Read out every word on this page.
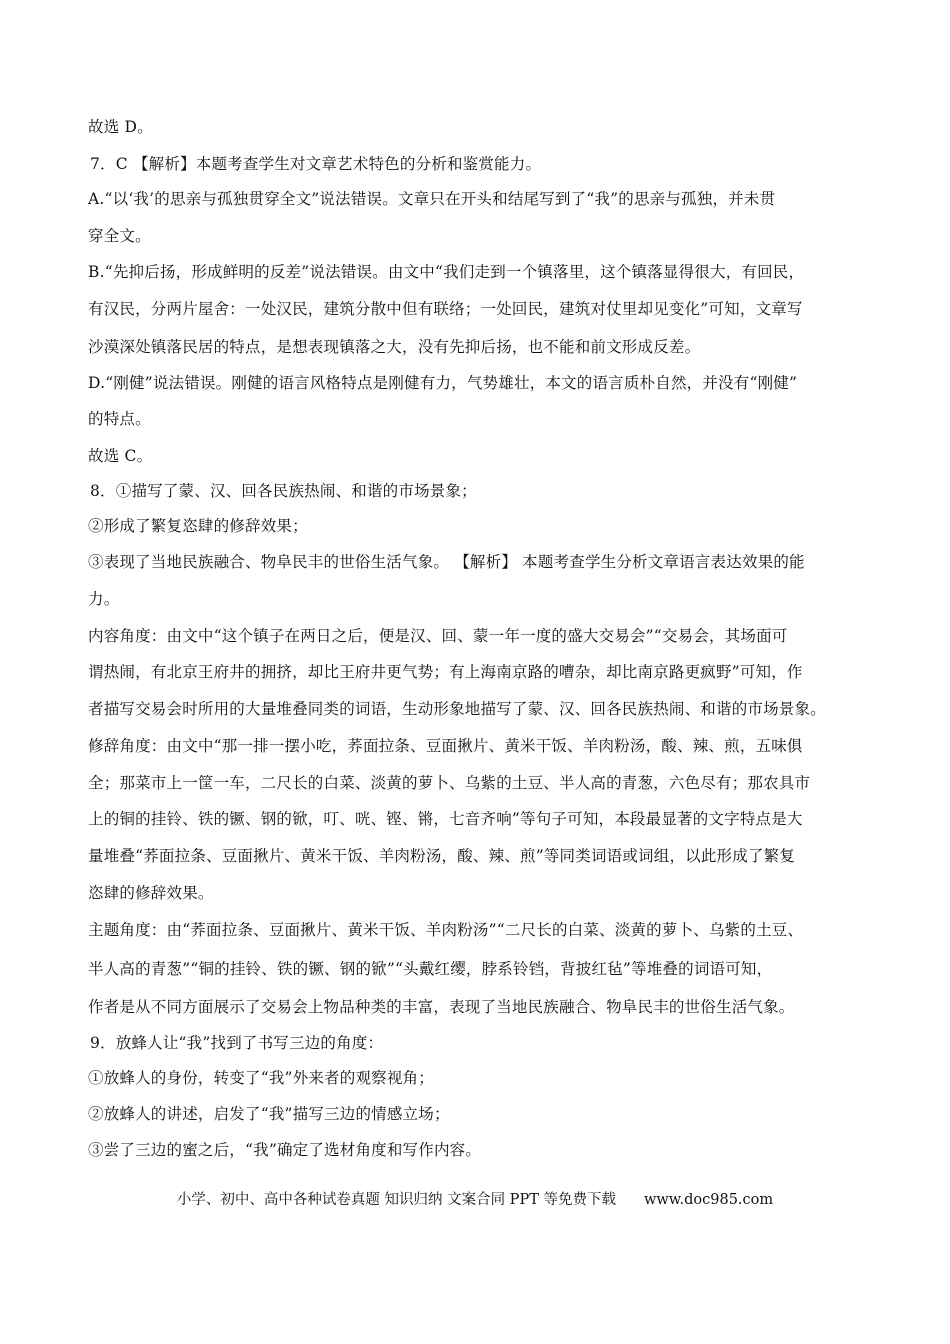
故选 D。
7．C 【解析】本题考查学生对文章艺术特色的分析和鉴赏能力。
A.“以‘我’的思亲与孤独贯穿全文”说法错误。文章只在开头和结尾写到了“我”的思亲与孤独，并未贯
穿全文。
B.“先抑后扬，形成鲜明的反差”说法错误。由文中“我们走到一个镇落里，这个镇落显得很大，有回民，
有汉民，分两片屋舍：一处汉民，建筑分散中但有联络；一处回民，建筑对仗里却见变化”可知，文章写
沙漠深处镇落民居的特点，是想表现镇落之大，没有先抑后扬，也不能和前文形成反差。
D.“刚健”说法错误。刚健的语言风格特点是刚健有力，气势雄壮，本文的语言质朴自然，并没有“刚健”
的特点。
故选 C。
8．①描写了蒙、汉、回各民族热闹、和谐的市场景象；
②形成了繁复恣肆的修辞效果；
③表现了当地民族融合、物阜民丰的世俗生活气象。 【解析】 本题考查学生分析文章语言表达效果的能
力。
内容角度：由文中“这个镇子在两日之后，便是汉、回、蒙一年一度的盛大交易会”“交易会，其场面可
谓热闹，有北京王府井的拥挤，却比王府井更气势；有上海南京路的嘈杂，却比南京路更疯野”可知，作
者描写交易会时所用的大量堆叠同类的词语，生动形象地描写了蒙、汉、回各民族热闹、和谐的市场景象。
修辞角度：由文中“那一排一摆小吃，荞面拉条、豆面揪片、黄米干饭、羊肉粉汤，酸、辣、煎，五味俱
全；那菜市上一筐一车，二尺长的白菜、淡黄的萝卜、乌紫的土豆、半人高的青葱，六色尽有；那农具市
上的铜的挂铃、铁的镢、钢的锨，叮、咣、铿、锵，七音齐响”等句子可知，本段最显著的文字特点是大
量堆叠“荞面拉条、豆面揪片、黄米干饭、羊肉粉汤，酸、辣、煎”等同类词语或词组，以此形成了繁复
恣肆的修辞效果。
主题角度：由“荞面拉条、豆面揪片、黄米干饭、羊肉粉汤”“二尺长的白菜、淡黄的萝卜、乌紫的土豆、
半人高的青葱”“铜的挂铃、铁的镢、钢的锨”“头戴红缨，脖系铃铛，背披红毡”等堆叠的词语可知，
作者是从不同方面展示了交易会上物品种类的丰富，表现了当地民族融合、物阜民丰的世俗生活气象。
9．放蜂人让“我”找到了书写三边的角度：
①放蜂人的身份，转变了“我”外来者的观察视角；
②放蜂人的讲述，启发了“我”描写三边的情感立场；
③尝了三边的蜜之后，“我”确定了选材角度和写作内容。
小学、初中、高中各种试卷真题 知识归纳 文案合同 PPT 等免费下载 www.doc985.com
